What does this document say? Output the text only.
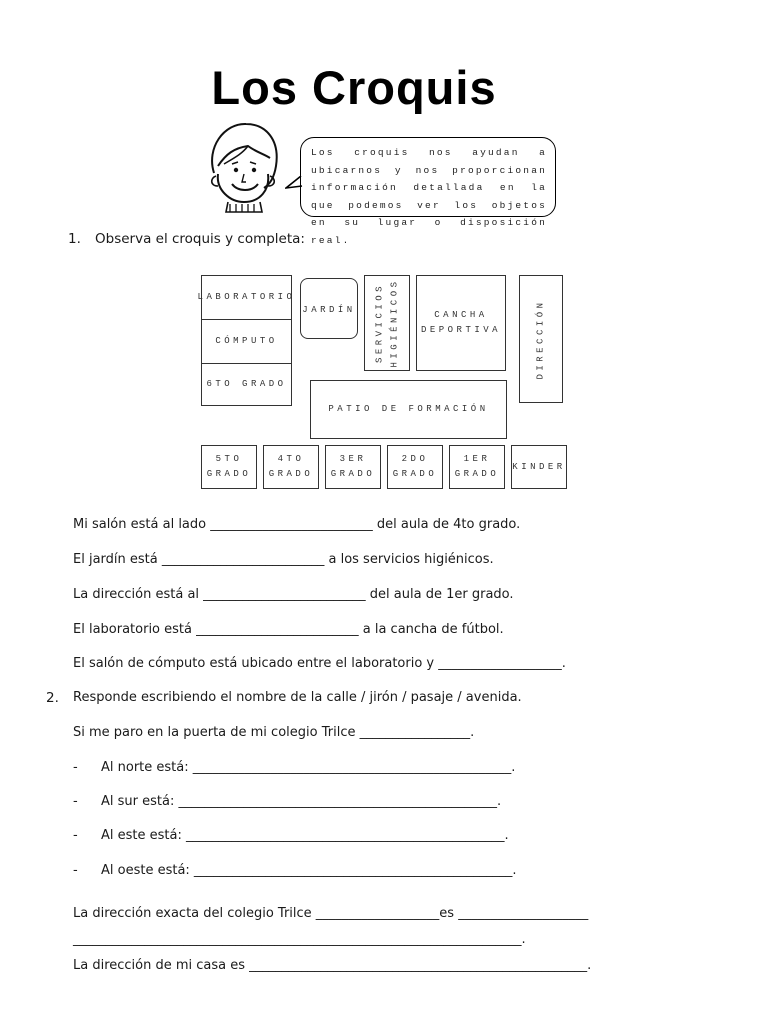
Los Croquis
Los croquis nos ayudan a ubicarnos y nos proporcionan información detallada en la que podemos ver los objetos en su lugar o disposición real.
1. Observa el croquis y completa:
LABORATORIO
CÓMPUTO
6TO GRADO
JARDÍN SERVICIOS HIGIÉNICOS	CANCHA
DEPORTIVA	DIRECCIÓN
PATIO DE FORMACIÓN
5TO
GRADO
4TO
GRADO
3ER
GRADO
2DO
GRADO
1ER
GRADO
KINDER
Mi salón está al lado _________________________ del aula de 4to grado.
El jardín está _________________________ a los servicios higiénicos.
La dirección está al _________________________ del aula de 1er grado.
El laboratorio está _________________________ a la cancha de fútbol.
El salón de cómputo está ubicado entre el laboratorio y ___________________.
2. Responde escribiendo el nombre de la calle / jirón / pasaje / avenida.
Si me paro en la puerta de mi colegio Trilce _________________.
- Al norte está: _________________________________________________.
- Al sur está: _________________________________________________.
- Al este está: _________________________________________________.
- Al oeste está: _________________________________________________.
La dirección exacta del colegio Trilce ___________________es ____________________
_____________________________________________________________________.
La dirección de mi casa es ____________________________________________________.
